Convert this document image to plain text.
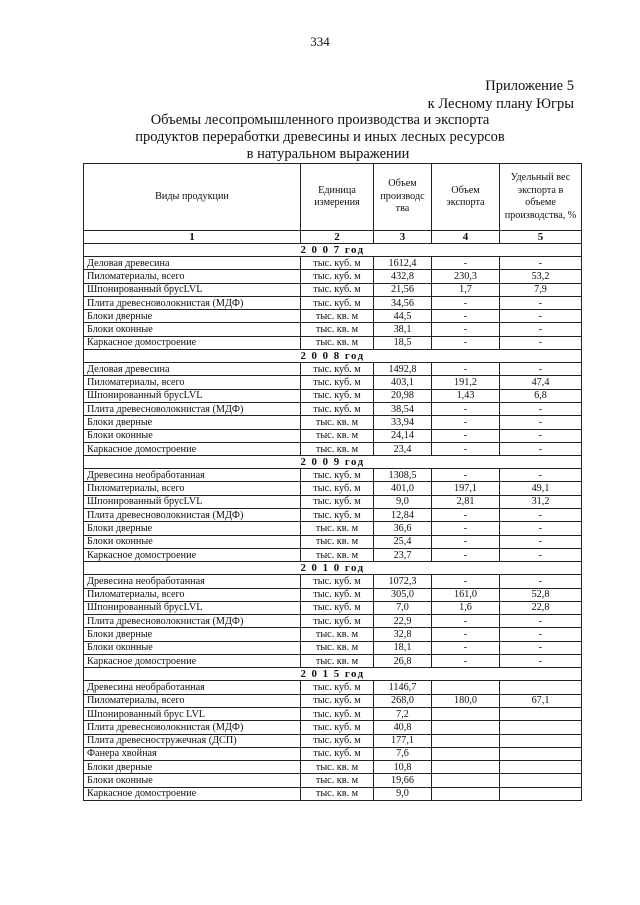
334
Приложение 5
к Лесному плану Югры
Объемы лесопромышленного производства и экспорта
продуктов переработки древесины и иных лесных ресурсов
в натуральном выражении
Виды продукции	Единица измерения	Объем производс тва	Объем экспорта	Удельный вес экспорта в объеме производства, %
1	2	3	4	5
2 0 0 7 год				
Деловая древесина	тыс. куб. м	1612,4	-	-
Пиломатериалы, всего	тыс. куб. м	432,8	230,3	53,2
Шпонированный брусLVL	тыс. куб. м	21,56	1,7	7,9
Плита древесноволокнистая (МДФ)	тыс. куб. м	34,56	-	-
Блоки дверные	тыс. кв. м	44,5	-	-
Блоки оконные	тыс. кв. м	38,1	-	-
Каркасное домостроение	тыс. кв. м	18,5	-	-
2 0 0 8 год				
Деловая древесина	тыс. куб. м	1492,8	-	-
Пиломатериалы, всего	тыс. куб. м	403,1	191,2	47,4
Шпонированный брусLVL	тыс. куб. м	20,98	1,43	6,8
Плита древесноволокнистая (МДФ)	тыс. куб. м	38,54	-	-
Блоки дверные	тыс. кв. м	33,94	-	-
Блоки оконные	тыс. кв. м	24,14	-	-
Каркасное домостроение	тыс. кв. м	23,4	-	-
2 0 0 9 год				
Древесина необработанная	тыс. куб. м	1308,5	-	-
Пиломатериалы, всего	тыс. куб. м	401,0	197,1	49,1
Шпонированный брусLVL	тыс. куб. м	9,0	2,81	31,2
Плита древесноволокнистая (МДФ)	тыс. куб. м	12,84	-	-
Блоки дверные	тыс. кв. м	36,6	-	-
Блоки оконные	тыс. кв. м	25,4	-	-
Каркасное домостроение	тыс. кв. м	23,7	-	-
2 0 1 0 год				
Древесина необработанная	тыс. куб. м	1072,3	-	-
Пиломатериалы, всего	тыс. куб. м	305,0	161,0	52,8
Шпонированный брусLVL	тыс. куб. м	7,0	1,6	22,8
Плита древесноволокнистая (МДФ)	тыс. куб. м	22,9	-	-
Блоки дверные	тыс. кв. м	32,8	-	-
Блоки оконные	тыс. кв. м	18,1	-	-
Каркасное домостроение	тыс. кв. м	26,8	-	-
2 0 1 5 год				
Древесина необработанная	тыс. куб. м	1146,7		
Пиломатериалы, всего	тыс. куб. м	268,0	180,0	67,1
Шпонированный брус LVL	тыс. куб. м	7,2		
Плита древесноволокнистая (МДФ)	тыс. куб. м	40,8		
Плита древесностружечная (ДСП)	тыс. куб. м	177,1		
Фанера хвойная	тыс. куб. м	7,6		
Блоки дверные	тыс. кв. м	10,8		
Блоки оконные	тыс. кв. м	19,66		
Каркасное домостроение	тыс. кв. м	9,0		
